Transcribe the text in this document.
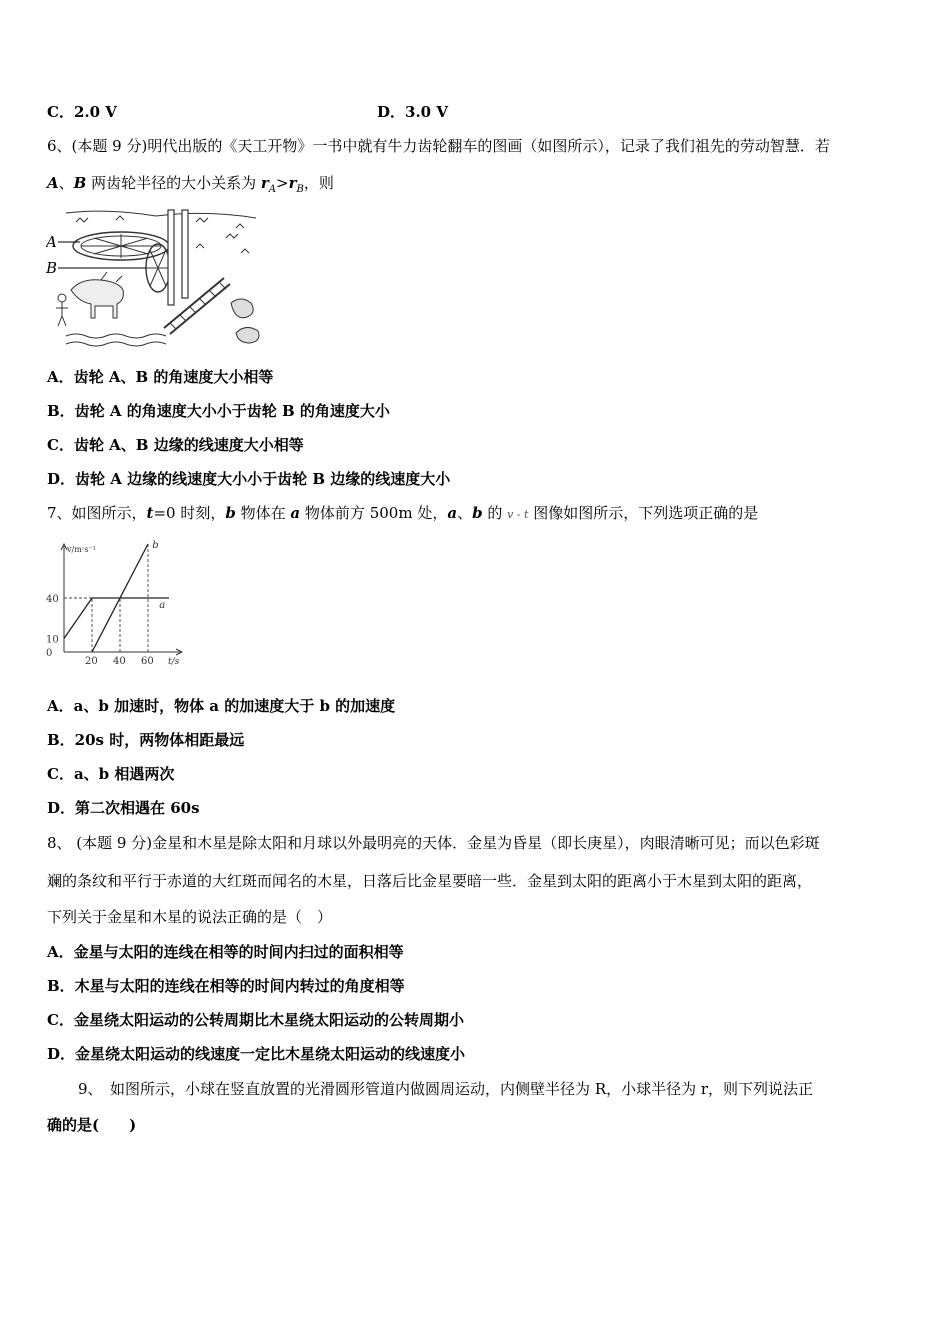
C．2.0 V	D．3.0 V
6、(本题 9 分)明代出版的《天工开物》一书中就有牛力齿轮翻车的图画（如图所示），记录了我们祖先的劳动智慧．若
A、B 两齿轮半径的大小关系为 $r_A>r_B$，则
A
B
A．齿轮 A、B 的角速度大小相等
B．齿轮 A 的角速度大小小于齿轮 B 的角速度大小
C．齿轮 A、B 边缘的线速度大小相等
D．齿轮 A 边缘的线速度大小小于齿轮 B 边缘的线速度大小
7、如图所示，t=0 时刻，b 物体在 a 物体前方 500m 处，a、b 的 v - t 图像如图所示，下列选项正确的是
v/m·s⁻¹
t/s
a
b
40
10
0
20 40 60
A．a、b 加速时，物体 a 的加速度大于 b 的加速度
B．20s 时，两物体相距最远
C．a、b 相遇两次
D．第二次相遇在 60s
8、 (本题 9 分)金星和木星是除太阳和月球以外最明亮的天体．金星为昏星（即长庚星），肉眼清晰可见；而以色彩斑
斓的条纹和平行于赤道的大红斑而闻名的木星，日落后比金星要暗一些．金星到太阳的距离小于木星到太阳的距离，
下列关于金星和木星的说法正确的是（　）
A．金星与太阳的连线在相等的时间内扫过的面积相等
B．木星与太阳的连线在相等的时间内转过的角度相等
C．金星绕太阳运动的公转周期比木星绕太阳运动的公转周期小
D．金星绕太阳运动的线速度一定比木星绕太阳运动的线速度小
9、　如图所示，小球在竖直放置的光滑圆形管道内做圆周运动，内侧壁半径为 R，小球半径为 r，则下列说法正
确的是(　　)
